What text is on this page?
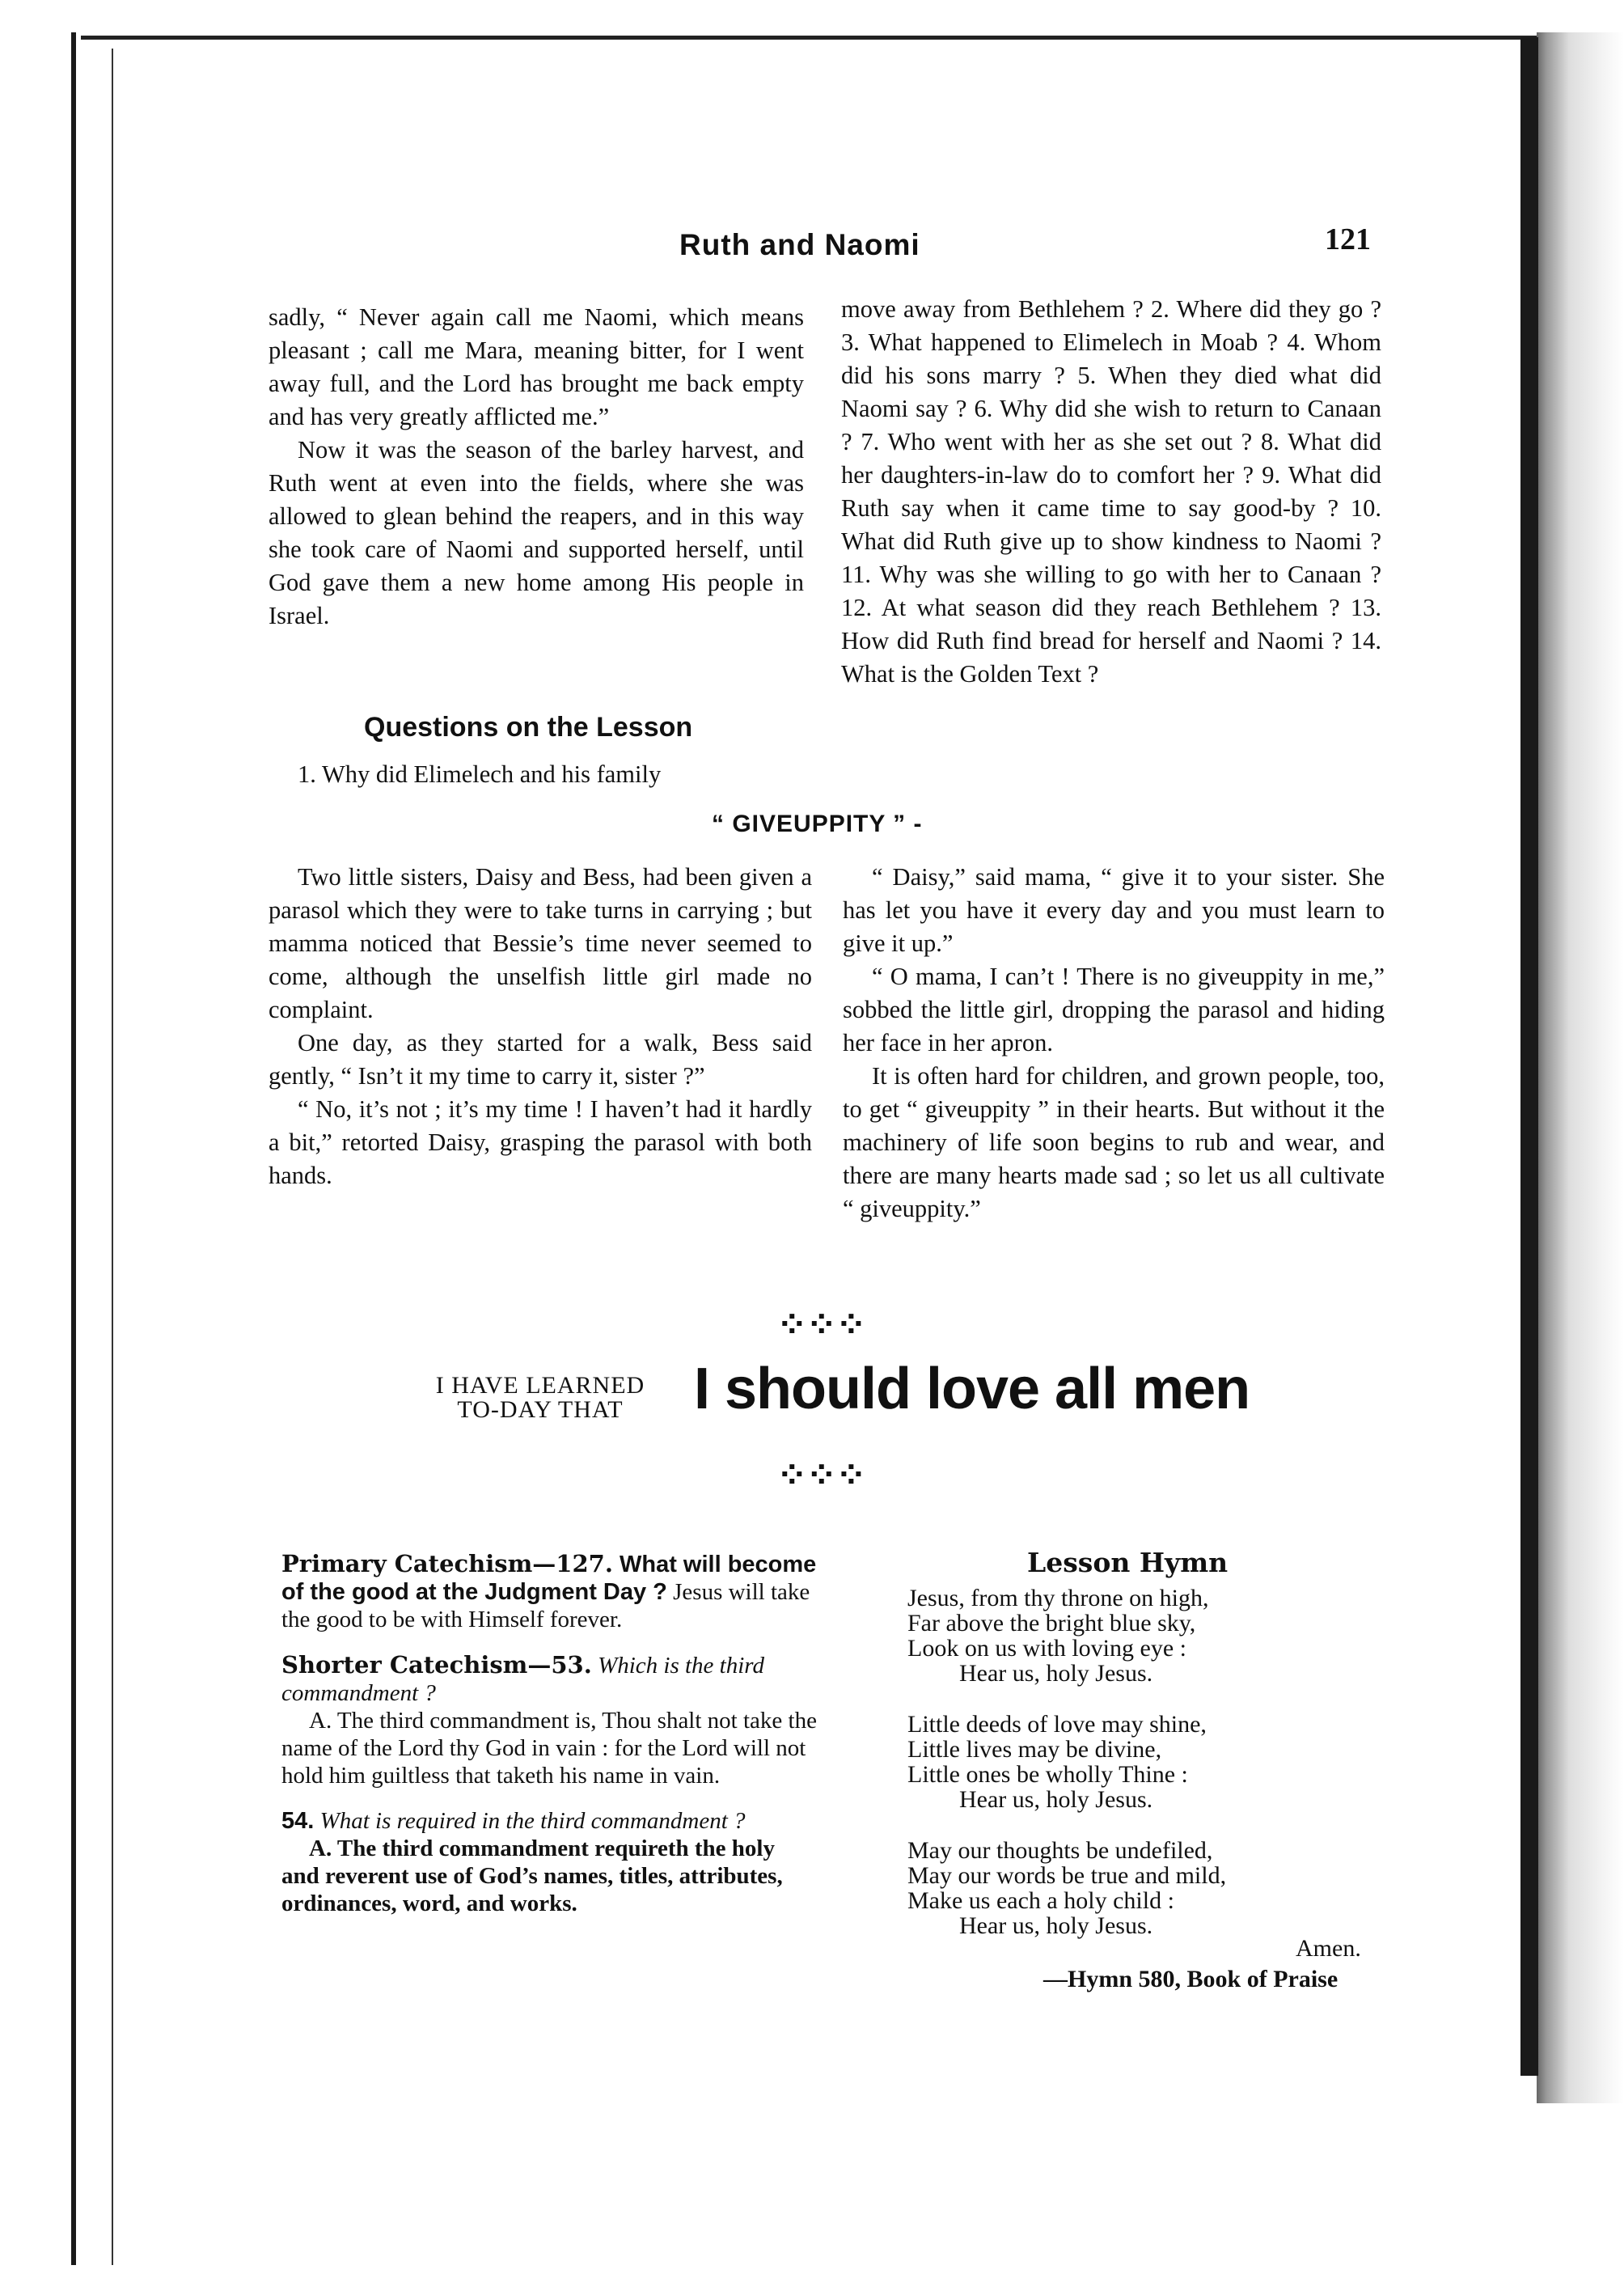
Ruth and Naomi	121

sadly, “ Never again call me Naomi, which means pleasant ; call me Mara, meaning bitter, for I went away full, and the Lord has brought me back empty and has very greatly afflicted me.”

Now it was the season of the barley harvest, and Ruth went at even into the fields, where she was allowed to glean behind the reapers, and in this way she took care of Naomi and supported herself, until God gave them a new home among His people in Israel.

Questions on the Lesson
1. Why did Elimelech and his family

move away from Bethlehem ? 2. Where did they go ? 3. What happened to Elimelech in Moab ? 4. Whom did his sons marry ? 5. When they died what did Naomi say ? 6. Why did she wish to return to Canaan ? 7. Who went with her as she set out ? 8. What did her daughters-in-law do to comfort her ? 9. What did Ruth say when it came time to say good-by ? 10. What did Ruth give up to show kindness to Naomi ? 11. Why was she willing to go with her to Canaan ? 12. At what season did they reach Bethlehem ? 13. How did Ruth find bread for herself and Naomi ? 14. What is the Golden Text ?

“ GIVEUPPITY ” -

Two little sisters, Daisy and Bess, had been given a parasol which they were to take turns in carrying ; but mamma noticed that Bessie’s time never seemed to come, although the unselfish little girl made no complaint.

One day, as they started for a walk, Bess said gently, “ Isn’t it my time to carry it, sister ?”

“ No, it’s not ; it’s my time ! I haven’t had it hardly a bit,” retorted Daisy, grasping the parasol with both hands.

“ Daisy,” said mama, “ give it to your sister. She has let you have it every day and you must learn to give it up.”

“ O mama, I can’t ! There is no giveuppity in me,” sobbed the little girl, dropping the parasol and hiding her face in her apron.

It is often hard for children, and grown people, too, to get “ giveuppity ” in their hearts. But without it the machinery of life soon begins to rub and wear, and there are many hearts made sad ; so let us all cultivate “ giveuppity.”

⁘⁘⁘
I HAVE LEARNED
TO-DAY THAT	I should love all men
⁘⁘⁘

Primary Catechism—127. What will become of the good at the Judgment Day ? Jesus will take the good to be with Himself forever.

Shorter Catechism—53. Which is the third commandment ?

A. The third commandment is, Thou shalt not take the name of the Lord thy God in vain : for the Lord will not hold him guiltless that taketh his name in vain.

54. What is required in the third commandment ?

A. The third commandment requireth the holy and reverent use of God’s names, titles, attributes, ordinances, word, and works.

Lesson Hymn
Jesus, from thy throne on high,
Far above the bright blue sky,
Look on us with loving eye :
Hear us, holy Jesus.
Little deeds of love may shine,
Little lives may be divine,
Little ones be wholly Thine :
Hear us, holy Jesus.
May our thoughts be undefiled,
May our words be true and mild,
Make us each a holy child :
Hear us, holy Jesus.
Amen.
—Hymn 580, Book of Praise
